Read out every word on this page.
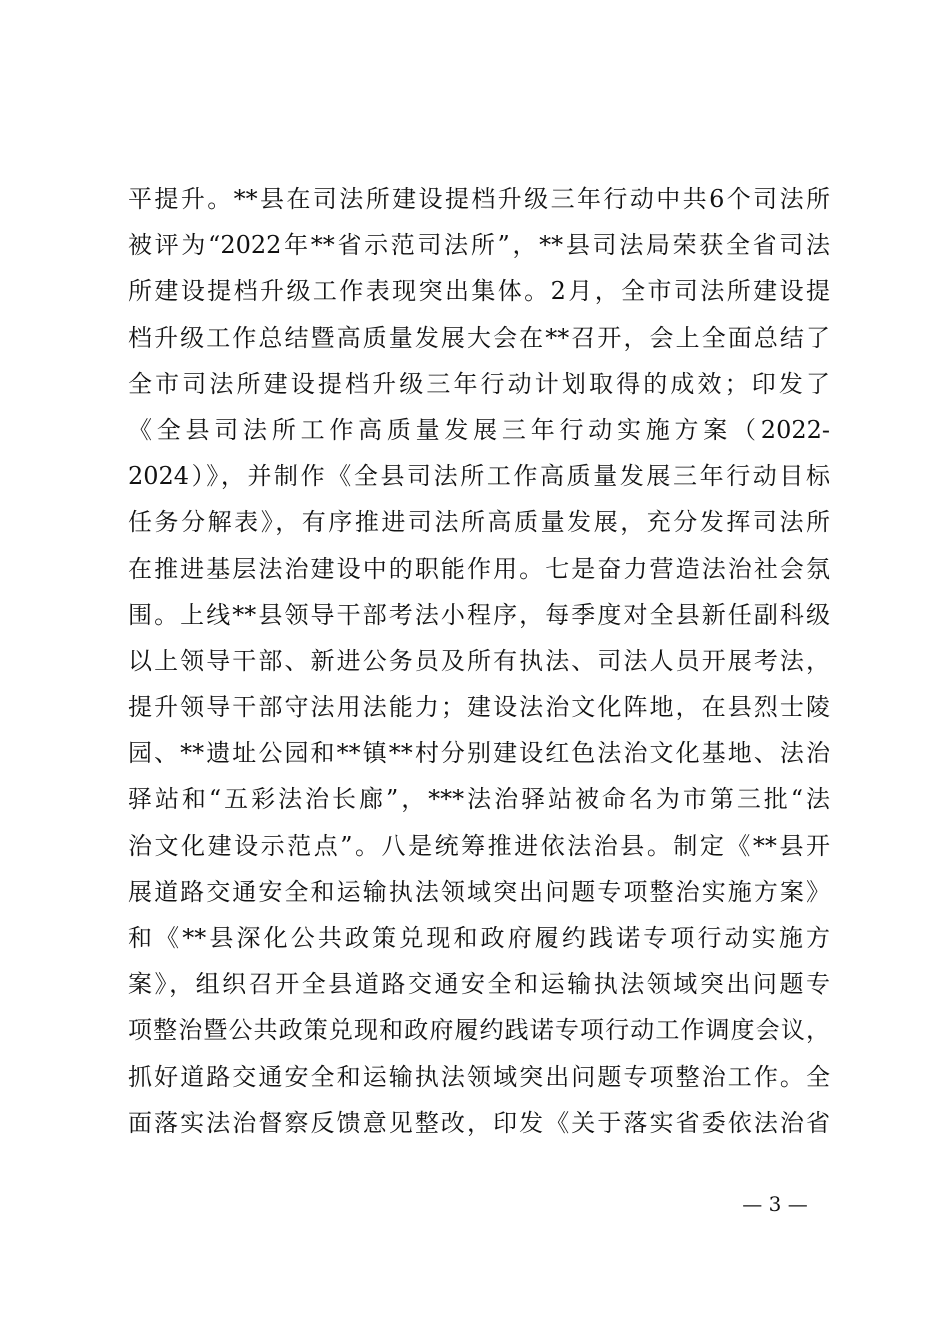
平提升。**县在司法所建设提档升级三年行动中共6个司法所
被评为“2022年**省示范司法所”，**县司法局荣获全省司法
所建设提档升级工作表现突出集体。2月，全市司法所建设提
档升级工作总结暨高质量发展大会在**召开，会上全面总结了
全市司法所建设提档升级三年行动计划取得的成效；印发了
《全县司法所工作高质量发展三年行动实施方案（2022-
2024）》，并制作《全县司法所工作高质量发展三年行动目标
任务分解表》，有序推进司法所高质量发展，充分发挥司法所
在推进基层法治建设中的职能作用。七是奋力营造法治社会氛
围。上线**县领导干部考法小程序，每季度对全县新任副科级
以上领导干部、新进公务员及所有执法、司法人员开展考法，
提升领导干部守法用法能力；建设法治文化阵地，在县烈士陵
园、**遗址公园和**镇**村分别建设红色法治文化基地、法治
驿站和“五彩法治长廊”，***法治驿站被命名为市第三批“法
治文化建设示范点”。八是统筹推进依法治县。制定《**县开
展道路交通安全和运输执法领域突出问题专项整治实施方案》
和《**县深化公共政策兑现和政府履约践诺专项行动实施方
案》，组织召开全县道路交通安全和运输执法领域突出问题专
项整治暨公共政策兑现和政府履约践诺专项行动工作调度会议，
抓好道路交通安全和运输执法领域突出问题专项整治工作。全
面落实法治督察反馈意见整改，印发《关于落实省委依法治省
— 3 —
